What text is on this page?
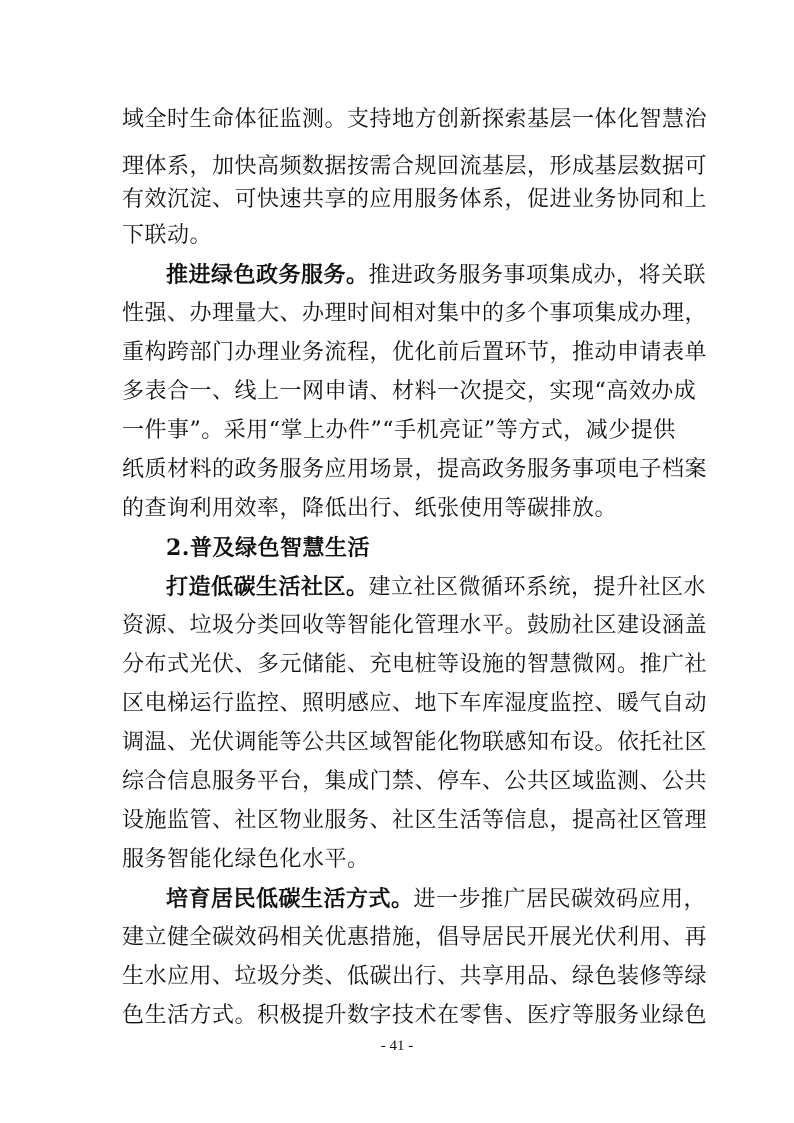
域全时生命体征监测。支持地方创新探索基层一体化智慧治
理体系，加快高频数据按需合规回流基层，形成基层数据可
有效沉淀、可快速共享的应用服务体系，促进业务协同和上
下联动。
推进绿色政务服务。推进政务服务事项集成办，将关联
性强、办理量大、办理时间相对集中的多个事项集成办理，
重构跨部门办理业务流程，优化前后置环节，推动申请表单
多表合一、线上一网申请、材料一次提交，实现“高效办成
一件事”。采用“掌上办件”“手机亮证”等方式，减少提供
纸质材料的政务服务应用场景，提高政务服务事项电子档案
的查询利用效率，降低出行、纸张使用等碳排放。
2.普及绿色智慧生活
打造低碳生活社区。建立社区微循环系统，提升社区水
资源、垃圾分类回收等智能化管理水平。鼓励社区建设涵盖
分布式光伏、多元储能、充电桩等设施的智慧微网。推广社
区电梯运行监控、照明感应、地下车库湿度监控、暖气自动
调温、光伏调能等公共区域智能化物联感知布设。依托社区
综合信息服务平台，集成门禁、停车、公共区域监测、公共
设施监管、社区物业服务、社区生活等信息，提高社区管理
服务智能化绿色化水平。
培育居民低碳生活方式。进一步推广居民碳效码应用，
建立健全碳效码相关优惠措施，倡导居民开展光伏利用、再
生水应用、垃圾分类、低碳出行、共享用品、绿色装修等绿
色生活方式。积极提升数字技术在零售、医疗等服务业绿色
- 41 -
